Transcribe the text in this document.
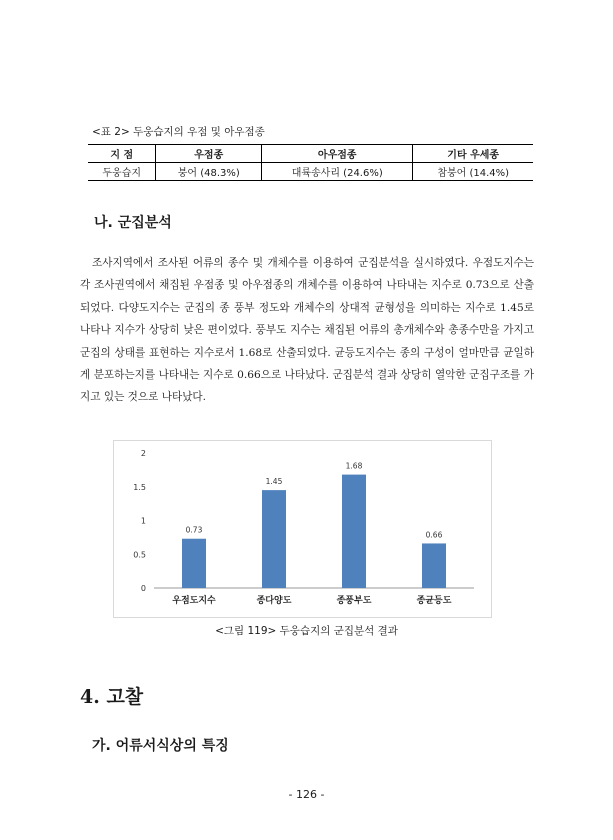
<표 2> 두웅습지의 우점 및 아우점종
지 점	우점종	아우점종	기타 우세종
두웅습지	붕어 (48.3%)	대륙송사리 (24.6%)	참붕어 (14.4%)
나. 군집분석

조사지역에서 조사된 어류의 종수 및 개체수를 이용하여 군집분석을 실시하였다. 우점도지수는 각 조사권역에서 채집된 우점종 및 아우점종의 개체수를 이용하여 나타내는 지수로 0.73으로 산출되었다. 다양도지수는 군집의 종 풍부 정도와 개체수의 상대적 균형성을 의미하는 지수로 1.45로 나타나 지수가 상당히 낮은 편이었다. 풍부도 지수는 채집된 어류의 총개체수와 총종수만을 가지고 군집의 상태를 표현하는 지수로서 1.68로 산출되었다. 균등도지수는 종의 구성이 얼마만큼 균일하게 분포하는지를 나타내는 지수로 0.66으로 나타났다. 군집분석 결과 상당히 열악한 군집구조를 가지고 있는 것으로 나타났다.

0
0.5
1
1.5
2
0.73
우점도지수
1.45
종다양도
1.68
종풍부도
0.66
종균등도
<그림 119> 두웅습지의 군집분석 결과
4. 고찰
가. 어류서식상의 특징
- 126 -
